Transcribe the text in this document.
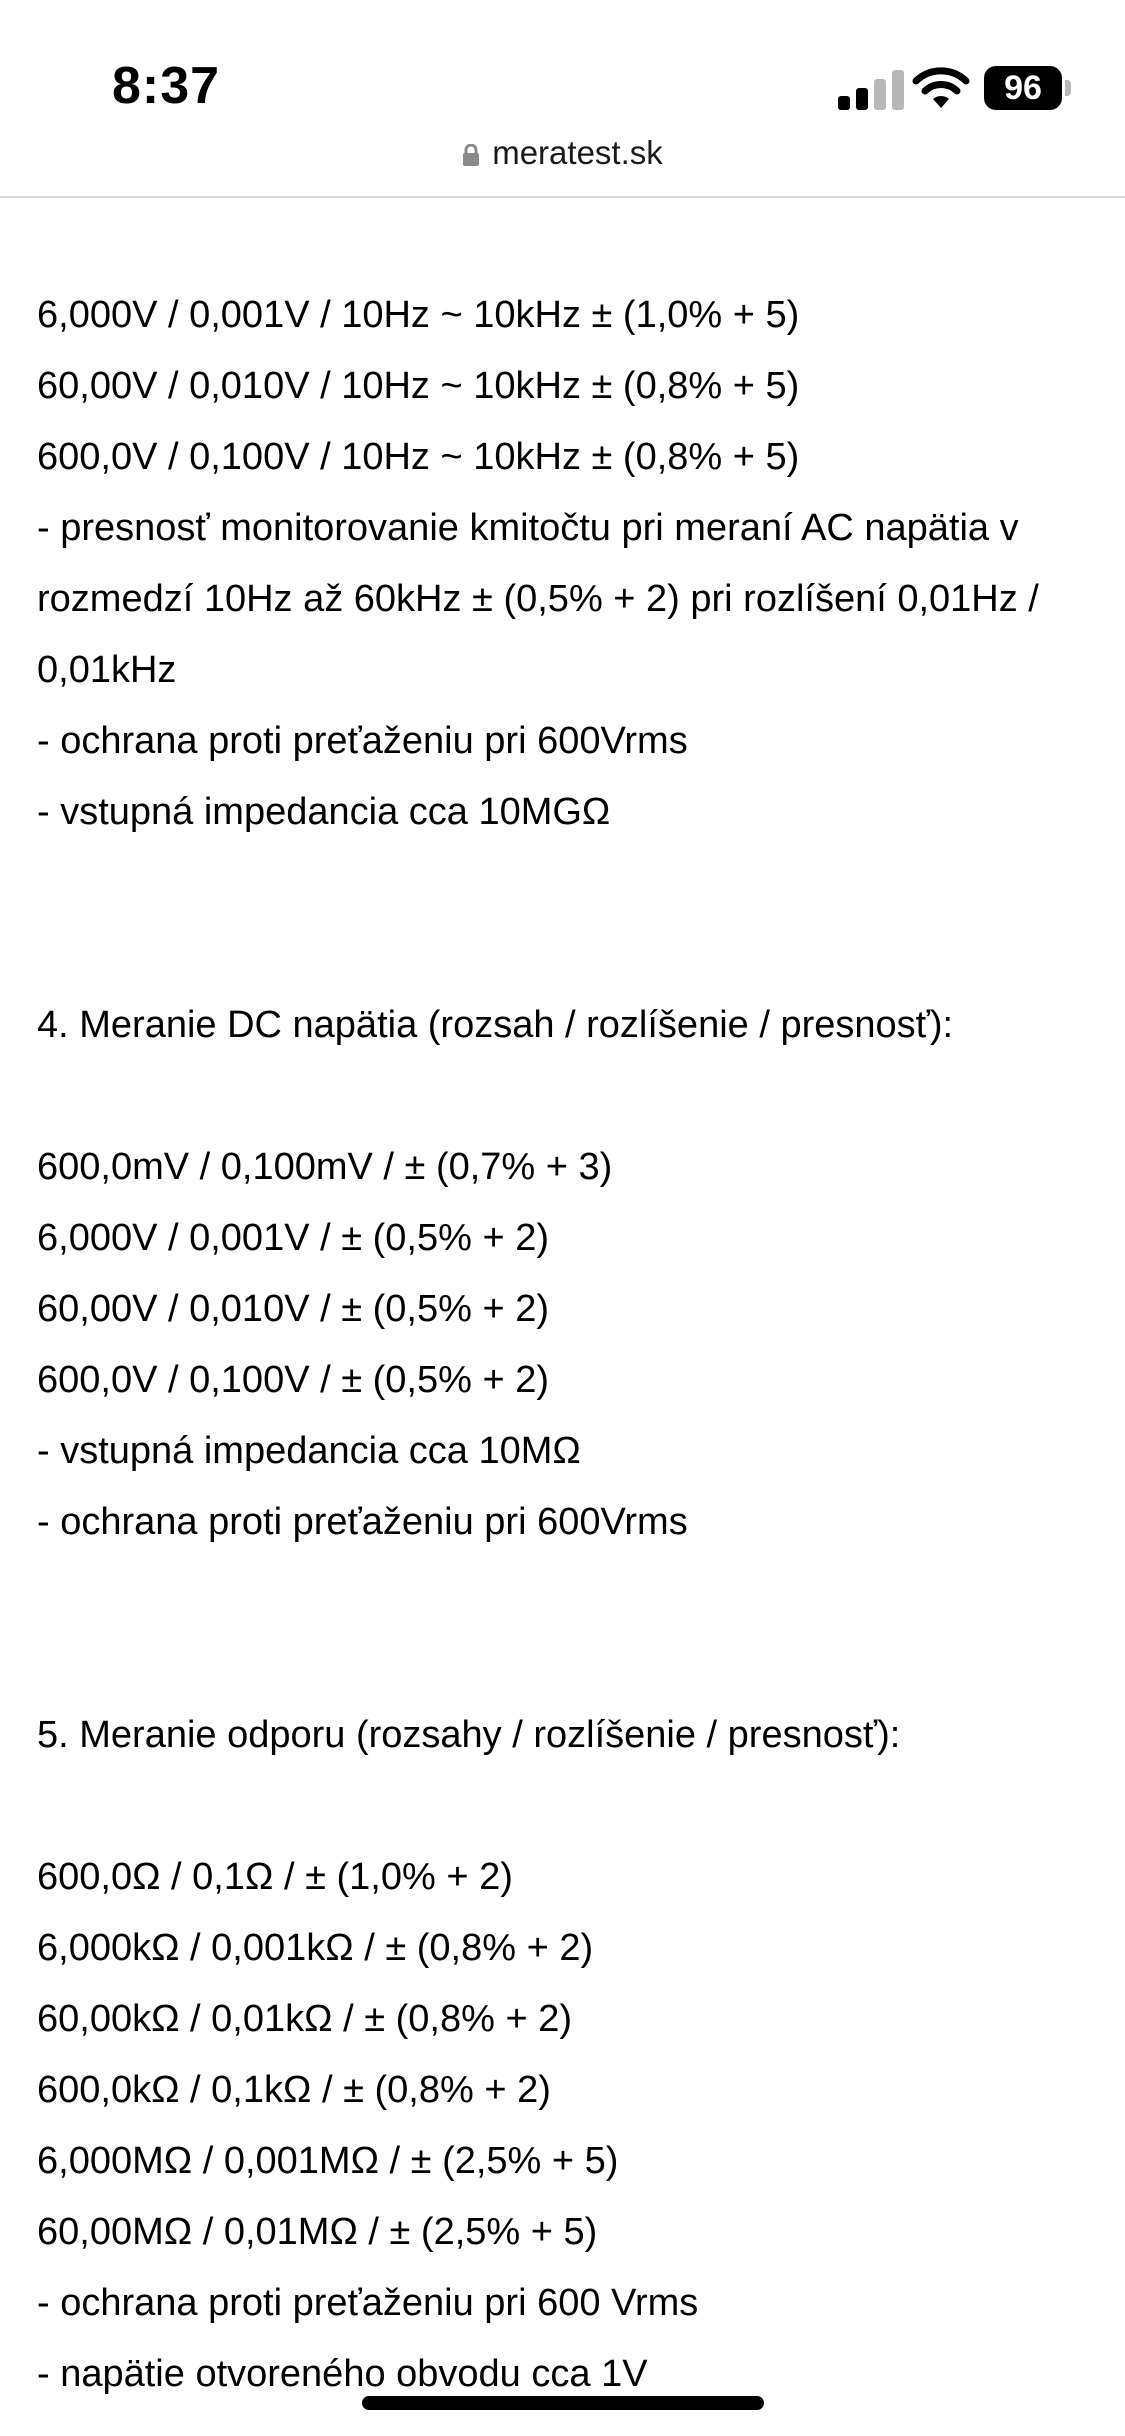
8:37	96
meratest.sk
6,000V / 0,001V / 10Hz ~ 10kHz ± (1,0% + 5)
60,00V / 0,010V / 10Hz ~ 10kHz ± (0,8% + 5)
600,0V / 0,100V / 10Hz ~ 10kHz ± (0,8% + 5)
- presnosť monitorovanie kmitočtu pri meraní AC napätia v
rozmedzí 10Hz až 60kHz ± (0,5% + 2) pri rozlíšení 0,01Hz /
0,01kHz
- ochrana proti preťaženiu pri 600Vrms
- vstupná impedancia cca 10MGΩ
4. Meranie DC napätia (rozsah / rozlíšenie / presnosť):
600,0mV / 0,100mV / ± (0,7% + 3)
6,000V / 0,001V / ± (0,5% + 2)
60,00V / 0,010V / ± (0,5% + 2)
600,0V / 0,100V / ± (0,5% + 2)
- vstupná impedancia cca 10MΩ
- ochrana proti preťaženiu pri 600Vrms
5. Meranie odporu (rozsahy / rozlíšenie / presnosť):
600,0Ω / 0,1Ω / ± (1,0% + 2)
6,000kΩ / 0,001kΩ / ± (0,8% + 2)
60,00kΩ / 0,01kΩ / ± (0,8% + 2)
600,0kΩ / 0,1kΩ / ± (0,8% + 2)
6,000MΩ / 0,001MΩ / ± (2,5% + 5)
60,00MΩ / 0,01MΩ / ± (2,5% + 5)
- ochrana proti preťaženiu pri 600 Vrms
- napätie otvoreného obvodu cca 1V
